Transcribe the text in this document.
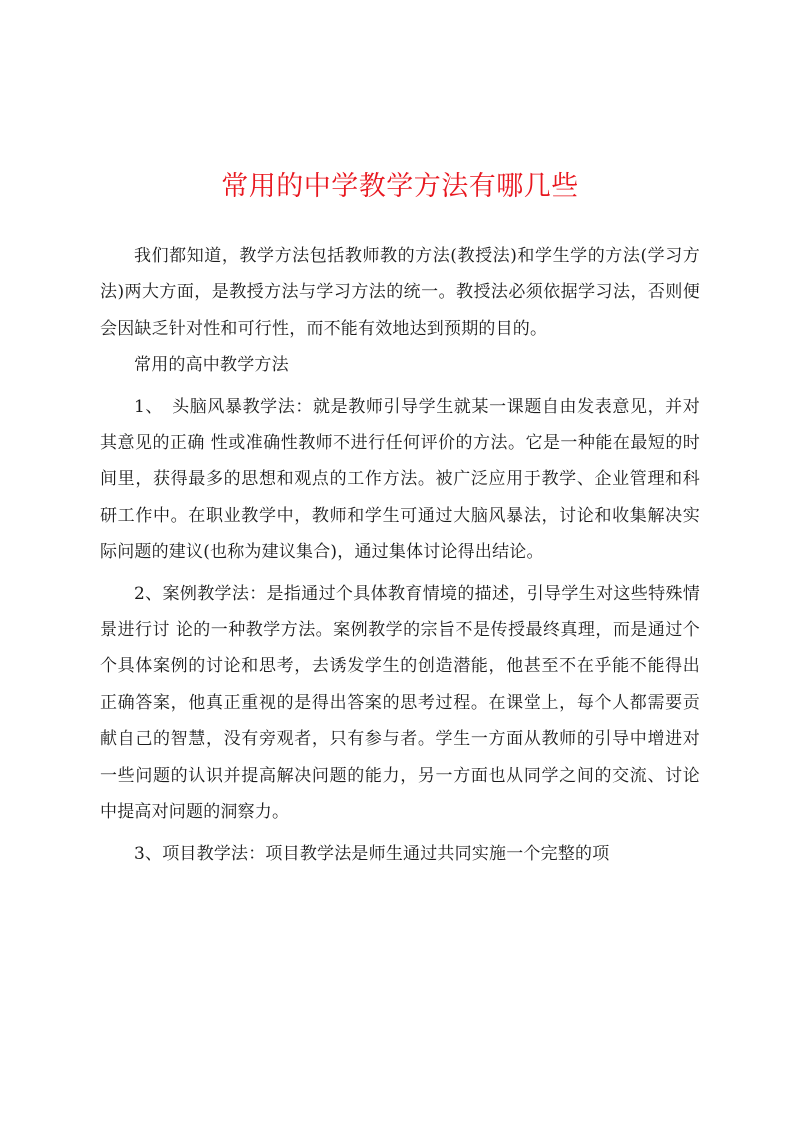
常用的中学教学方法有哪几些

我们都知道，教学方法包括教师教的方法(教授法)和学生学的方法(学习方法)两大方面，是教授方法与学习方法的统一。教授法必须依据学习法，否则便会因缺乏针对性和可行性，而不能有效地达到预期的目的。

常用的高中教学方法

1、　头脑风暴教学法：就是教师引导学生就某一课题自由发表意见，并对其意见的正确 性或准确性教师不进行任何评价的方法。它是一种能在最短的时间里，获得最多的思想和观点的工作方法。被广泛应用于教学、企业管理和科研工作中。在职业教学中，教师和学生可通过大脑风暴法，讨论和收集解决实际问题的建议(也称为建议集合)，通过集体讨论得出结论。

2、案例教学法：是指通过个具体教育情境的描述，引导学生对这些特殊情景进行讨 论的一种教学方法。案例教学的宗旨不是传授最终真理，而是通过个个具体案例的讨论和思考，去诱发学生的创造潜能，他甚至不在乎能不能得出正确答案，他真正重视的是得出答案的思考过程。在课堂上，每个人都需要贡献自己的智慧，没有旁观者，只有参与者。学生一方面从教师的引导中增进对一些问题的认识并提高解决问题的能力，另一方面也从同学之间的交流、讨论中提高对问题的洞察力。

3、项目教学法：项目教学法是师生通过共同实施一个完整的项
